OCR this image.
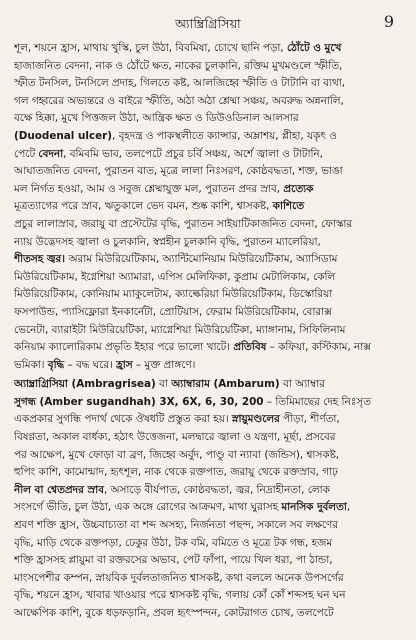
অ্যাম্ব্রিগ্রিসিয়া	9

শূল, শয়নে হ্রাস, মাথায় খুস্কি, চুল উঠা, বিবমিষা, চোখে ছানি পড়া, ঠোঁটে ও মুখে
হাজাজনিত বেদনা, নাক ও ঠোঁটে ক্ষত, নাকের চুলকানি, রক্তিম মুখমণ্ডলে স্ফীতি,
স্ফীত টনসিল, টনসিলে প্রদাহ, গিলতে কষ্ট, আলজিহ্বে স্ফীতি ও টাটানি বা ব্যথা,
গল গহ্বরের অভ্যন্তরে ও বাইরে স্ফীতি, অঠা অঠা শ্লেষ্মা সঞ্চয়, অবরুদ্ধ অন্ননালি,
বক্ষে হিক্কা, মুখে পিত্তজল উঠা, আন্ত্রিক ক্ষত ও ডিউওডিনাল আলসার
(Duodenal ulcer), বৃহদন্ত্র ও পাকস্থলীতে ক্যান্সার, অম্লাশয়, প্লীহা, যকৃৎ ও
পেটে বেদনা, বমিবমি ভাব, তলপেটে প্রচুর চর্বি সঞ্চয়, অর্শে জ্বালা ও টাটানি,
আঘাতজনিত বেদনা, পুরাতন বাত, মূত্রে লালা নিঃসরণ, কোষ্ঠবদ্ধতা, শক্ত, ভাঙা
মল নির্গত হওয়া, আম ও সবুজ শ্লেষ্মাযুক্ত মল, পুরাতন প্রদর স্রাব, প্রত্যেক
মূত্রত্যাগের পরে স্রাব, ঋতুকালে ভেদ বমন, শুষ্ক কাশি, শ্বাসকষ্ট, কাশিতে
প্রচুর লালাস্রাব, জরায়ু বা প্রস্টেটের বৃদ্ধি, পুরাতন সাইয়াটিকাজনিত বেদনা, ফোস্কার
ন্যায় উদ্ভেদসহ জ্বালা ও চুলকানি, স্বপ্নহীন চুলকানি বৃদ্ধি, পুরাতন ম্যালেরিয়া,
শীতসহ জ্বর। অরাম মিউরিয়েটিকাম, অ্যান্টিমোনিয়াম মিউরিয়েটিকাম, অ্যাসিডাম
মিউরিয়েটিকাম, ইগ্নেশিয়া অ্যামারা, এপিস মেলিফিকা, কুপ্রাম মেটালিকাম, কেলি
মিউরিয়েটিকাম, কোনিয়াম ম্যাকুলেটাম, ক্যাল্কেরিয়া মিউরিয়েটিকাম, ডিস্কোরিয়া
ফসপাউন্ড, প্যাসিফ্লোরা ইনকার্নেটা, প্রোটিয়াস, ফেরাম মিউরিয়েটিকাম, বোরাক্স
ভেনেটা, ব্যারাইটা মিউরিয়েটিকা, ম্যাগ্নেশিয়া মিউরিয়েটিকা, ম্যাঙ্গানাম, সিফিলিনাম
কনিয়াম ক্যালোরিকাম প্রভৃতি ইহার পরে ভালো খাটে। প্রতিবিষ – কফিয়া, কস্টিকাম, নাক্স
ভমিকা। বৃদ্ধি – বদ্ধ ঘরে। হ্রাস – মুক্ত প্রাঙ্গণে।

অ্যাম্ব্রাগ্রিসিয়া (Ambragrisea) বা অ্যাম্বারাম (Ambarum) বা অ্যাম্বার
সুগন্ধ (Amber sugandhah) 3X, 6X, 6, 30, 200 – তিমিমাছের দেহ নিঃসৃত
একপ্রকার সুগন্ধি পদার্থ থেকে ঔষধটি প্রস্তুত করা হয়। স্নায়ুমণ্ডলের পীড়া, শীর্ণতা,
বিষণ্ণতা, অকাল বার্ধক্য, হঠাৎ উত্তেজনা, মলদ্বারে জ্বালা ও যন্ত্রণা, মূর্ছা, প্রসবের
পর আক্ষেপ, মুখে ফোড়া বা ব্রণ, জিহ্বে অর্বুদ, পাণ্ডু বা ন্যাবা (জন্ডিস), শ্বাসকষ্ট,
হুপিং কাশি, কামোন্মাদ, হৃৎশূল, নাক থেকে রক্তপাত, জরায়ু থেকে রক্তস্রাব, গাঢ়
নীল বা শ্বেতপ্রদর স্রাব, অসাড়ে বীর্যপাত, কোষ্ঠবদ্ধতা, জ্বর, নিদ্রাহীনতা, লোক
সংসর্গে ভীতি, চুল উঠা, এক অঙ্গে রোগের আক্রমণ, মাথা ঘুরাসহ মানসিক দুর্বলতা,
শ্রবণ শক্তি হ্রাস, উচ্চবাচ্যতা বা শব্দ অসহ্য, নির্জনতা পছন্দ, সকালে সব লক্ষণের
বৃদ্ধি, মাড়ি থেকে রক্তপড়া, ঢেকুর উঠা, টক বমি, বমিতে ও মূত্রে টক গন্ধ, হজম
শক্তি হ্রাসসহ প্লায়ুমা বা রক্তরসের অভাব, পেট ফাঁপা, পায়ে খিল ধরা, পা ঠান্ডা,
মাংসপেশীর কম্পন, স্নায়বিক দুর্বলতাজনিত শ্বাসকষ্ট, কথা বললে অনেক উপসর্গের
বৃদ্ধি, শয়নে হ্রাস, খাবার খাওয়ার পরে শ্বাসকষ্ট বৃদ্ধি, গলায় কোঁ কোঁ শব্দসহ ঘন ঘন
আক্ষেপিক কাশি, বুকে ধড়ফড়ানি, প্রবল হৃৎস্পন্দন, কোটরাগত চোখ, তলপেটে
